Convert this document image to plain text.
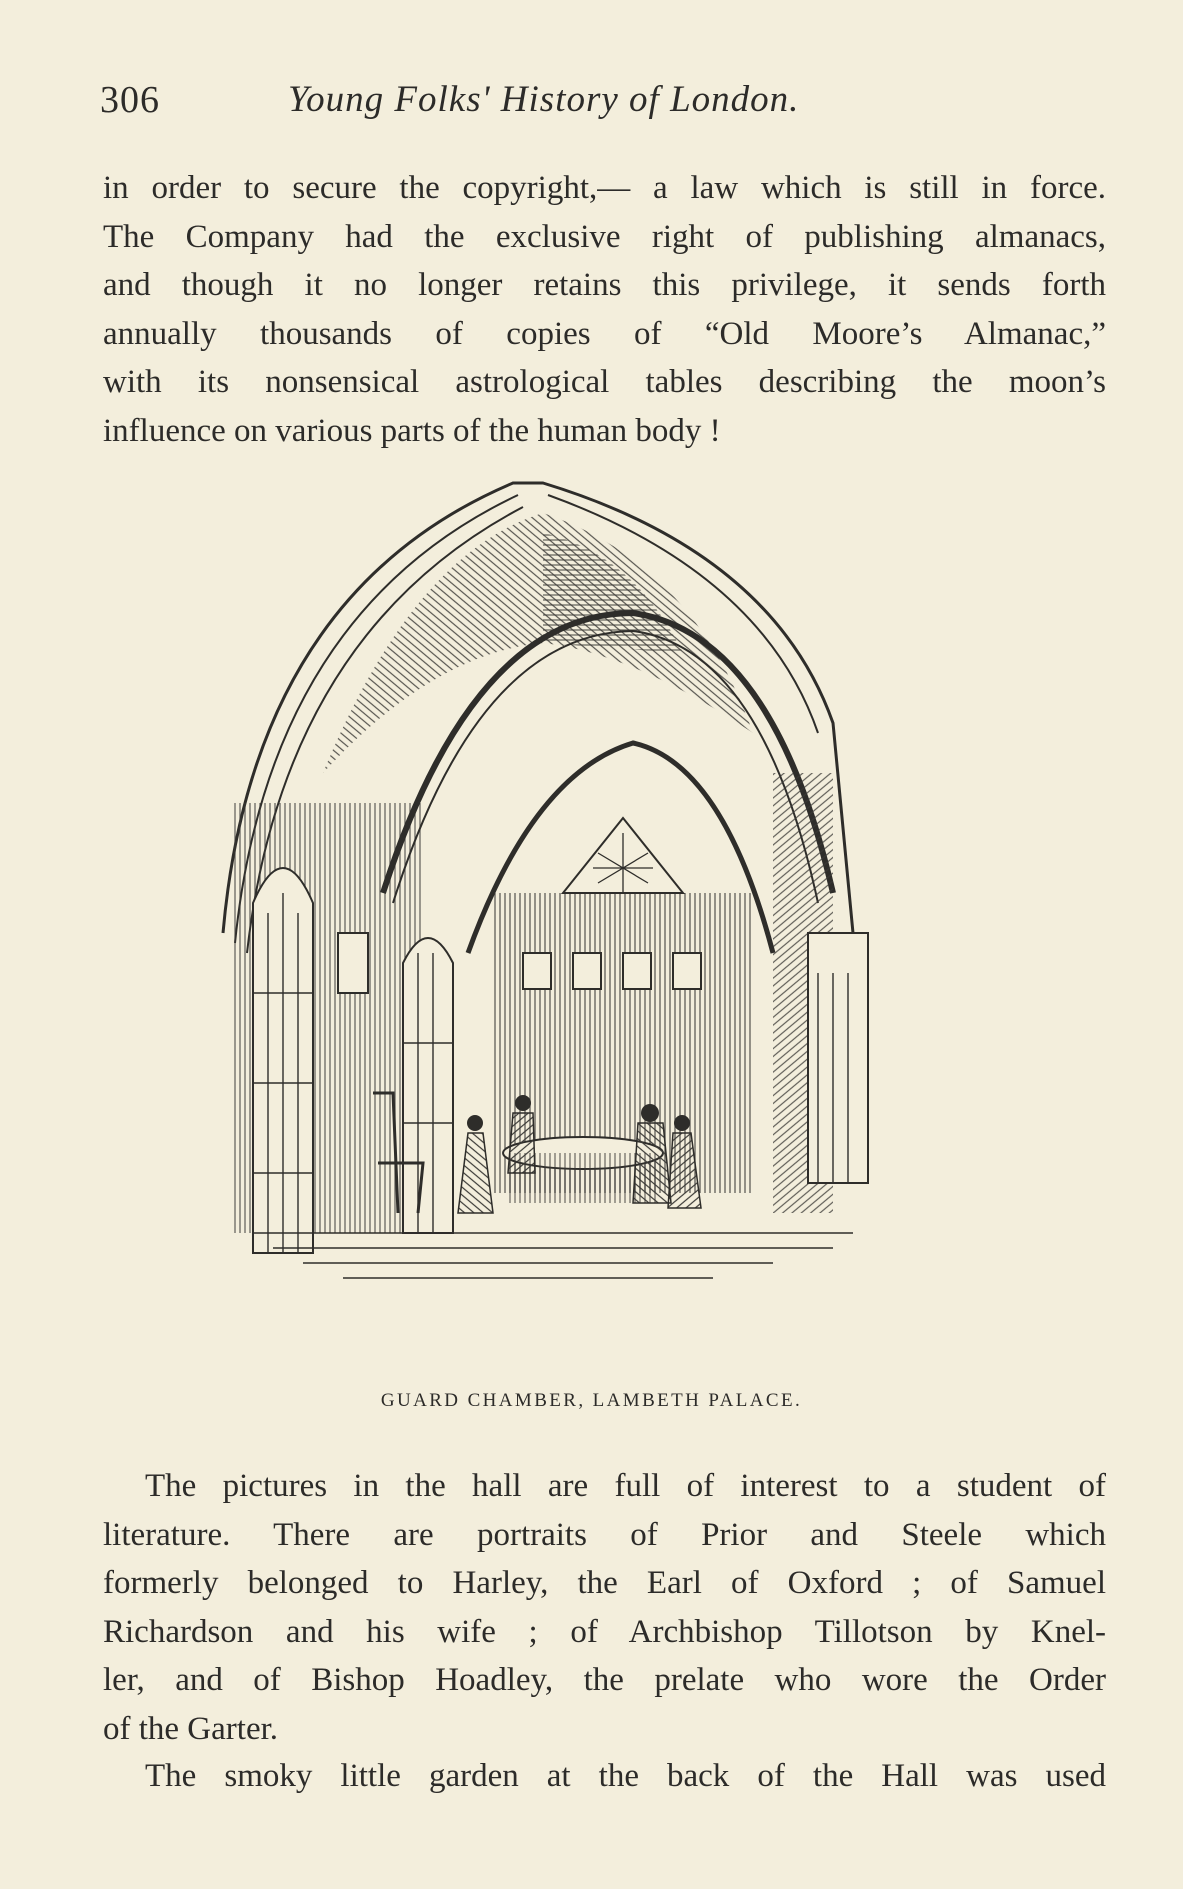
306	Young Folks' History of London.
in order to secure the copyright,— a law which is still in force.
The Company had the exclusive right of publishing almanacs,
and though it no longer retains this privilege, it sends forth
annually thousands of copies of “Old Moore’s Almanac,”
with its nonsensical astrological tables describing the moon’s
influence on various parts of the human body !
GUARD CHAMBER, LAMBETH PALACE.
The pictures in the hall are full of interest to a student of
literature. There are portraits of Prior and Steele which
formerly belonged to Harley, the Earl of Oxford ; of Samuel
Richardson and his wife ; of Archbishop Tillotson by Knel-
ler, and of Bishop Hoadley, the prelate who wore the Order
of the Garter.
The smoky little garden at the back of the Hall was used
